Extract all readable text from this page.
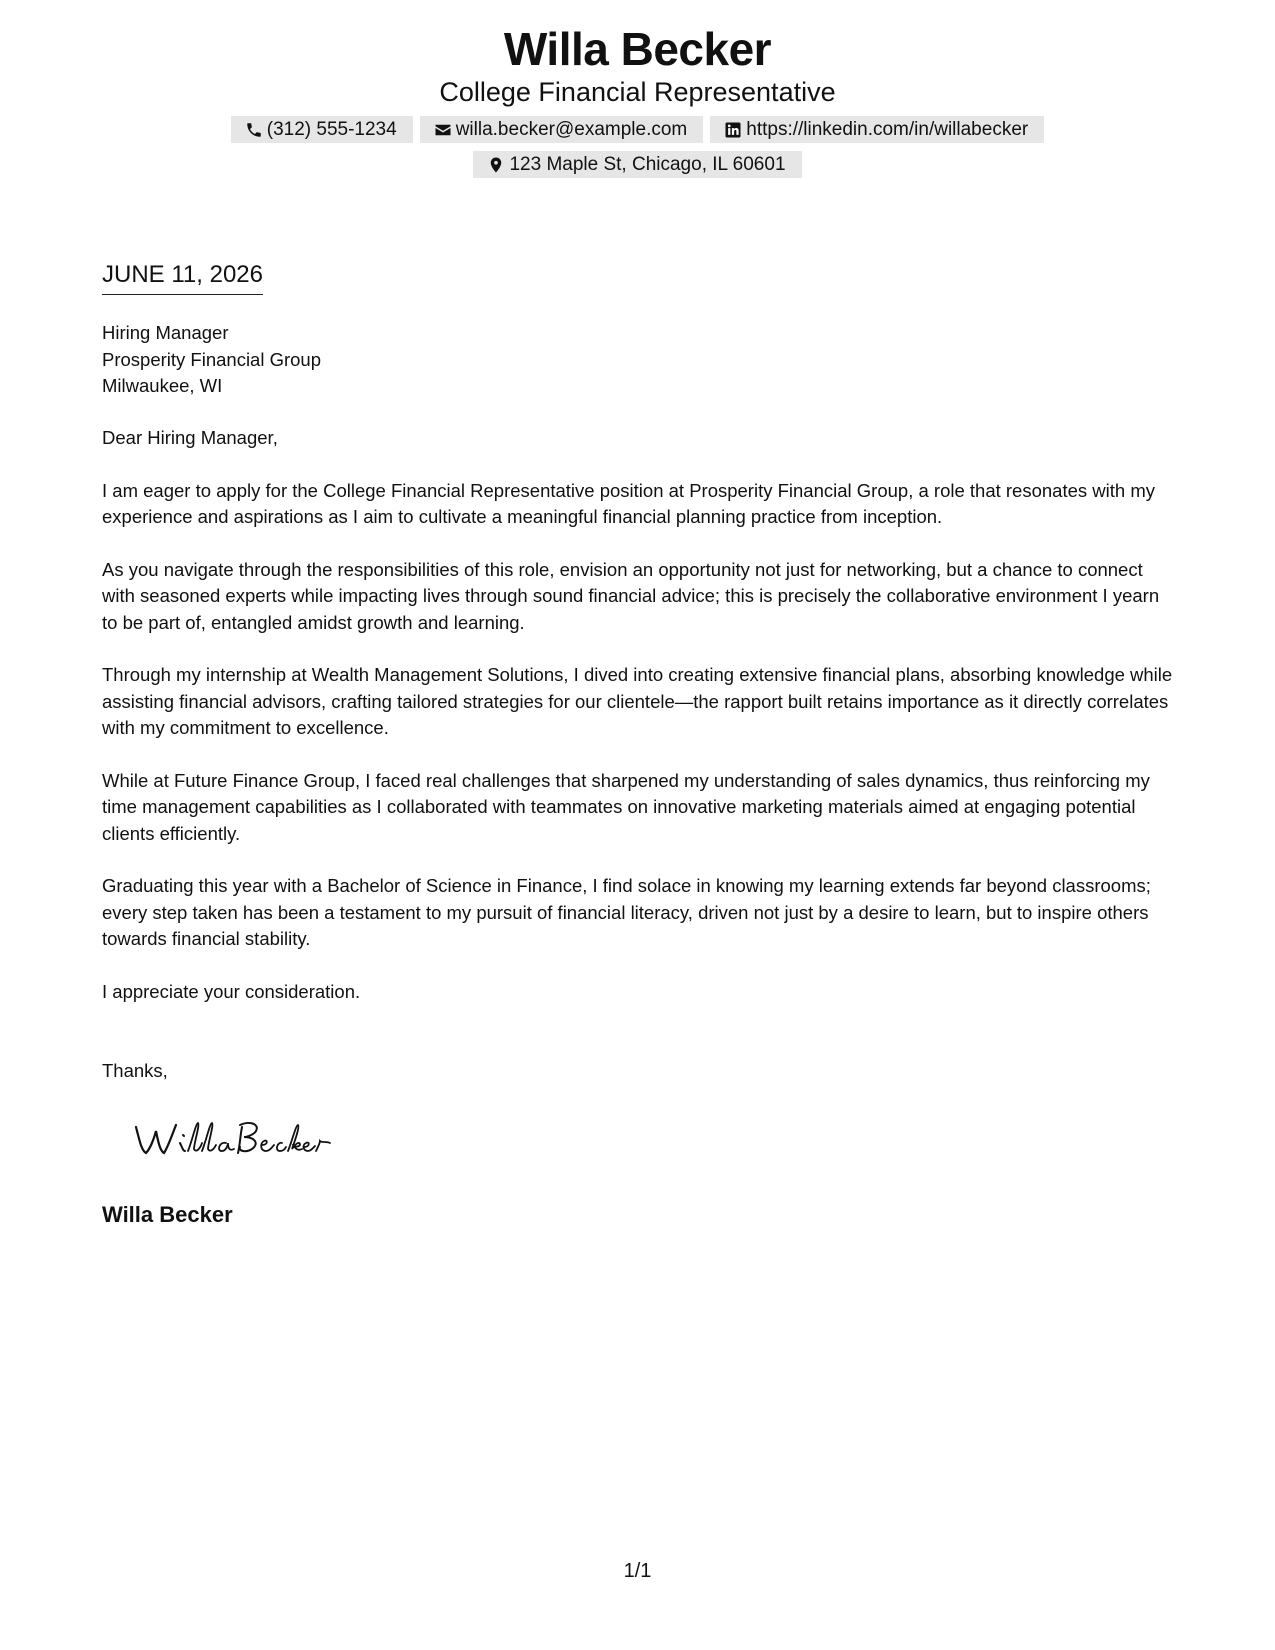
Willa Becker
College Financial Representative
(312) 555-1234	willa.becker@example.com	https://linkedin.com/in/willabecker
123 Maple St, Chicago, IL 60601
JUNE 11, 2026
Hiring Manager
Prosperity Financial Group
Milwaukee, WI

Dear Hiring Manager,

I am eager to apply for the College Financial Representative position at Prosperity Financial Group, a role that resonates with my experience and aspirations as I aim to cultivate a meaningful financial planning practice from inception.

As you navigate through the responsibilities of this role, envision an opportunity not just for networking, but a chance to connect with seasoned experts while impacting lives through sound financial advice; this is precisely the collaborative environment I yearn to be part of, entangled amidst growth and learning.

Through my internship at Wealth Management Solutions, I dived into creating extensive financial plans, absorbing knowledge while assisting financial advisors, crafting tailored strategies for our clientele—the rapport built retains importance as it directly correlates with my commitment to excellence.

While at Future Finance Group, I faced real challenges that sharpened my understanding of sales dynamics, thus reinforcing my time management capabilities as I collaborated with teammates on innovative marketing materials aimed at engaging potential clients efficiently.

Graduating this year with a Bachelor of Science in Finance, I find solace in knowing my learning extends far beyond classrooms; every step taken has been a testament to my pursuit of financial literacy, driven not just by a desire to learn, but to inspire others towards financial stability.

I appreciate your consideration.

Thanks,
Willa Becker
1/1
